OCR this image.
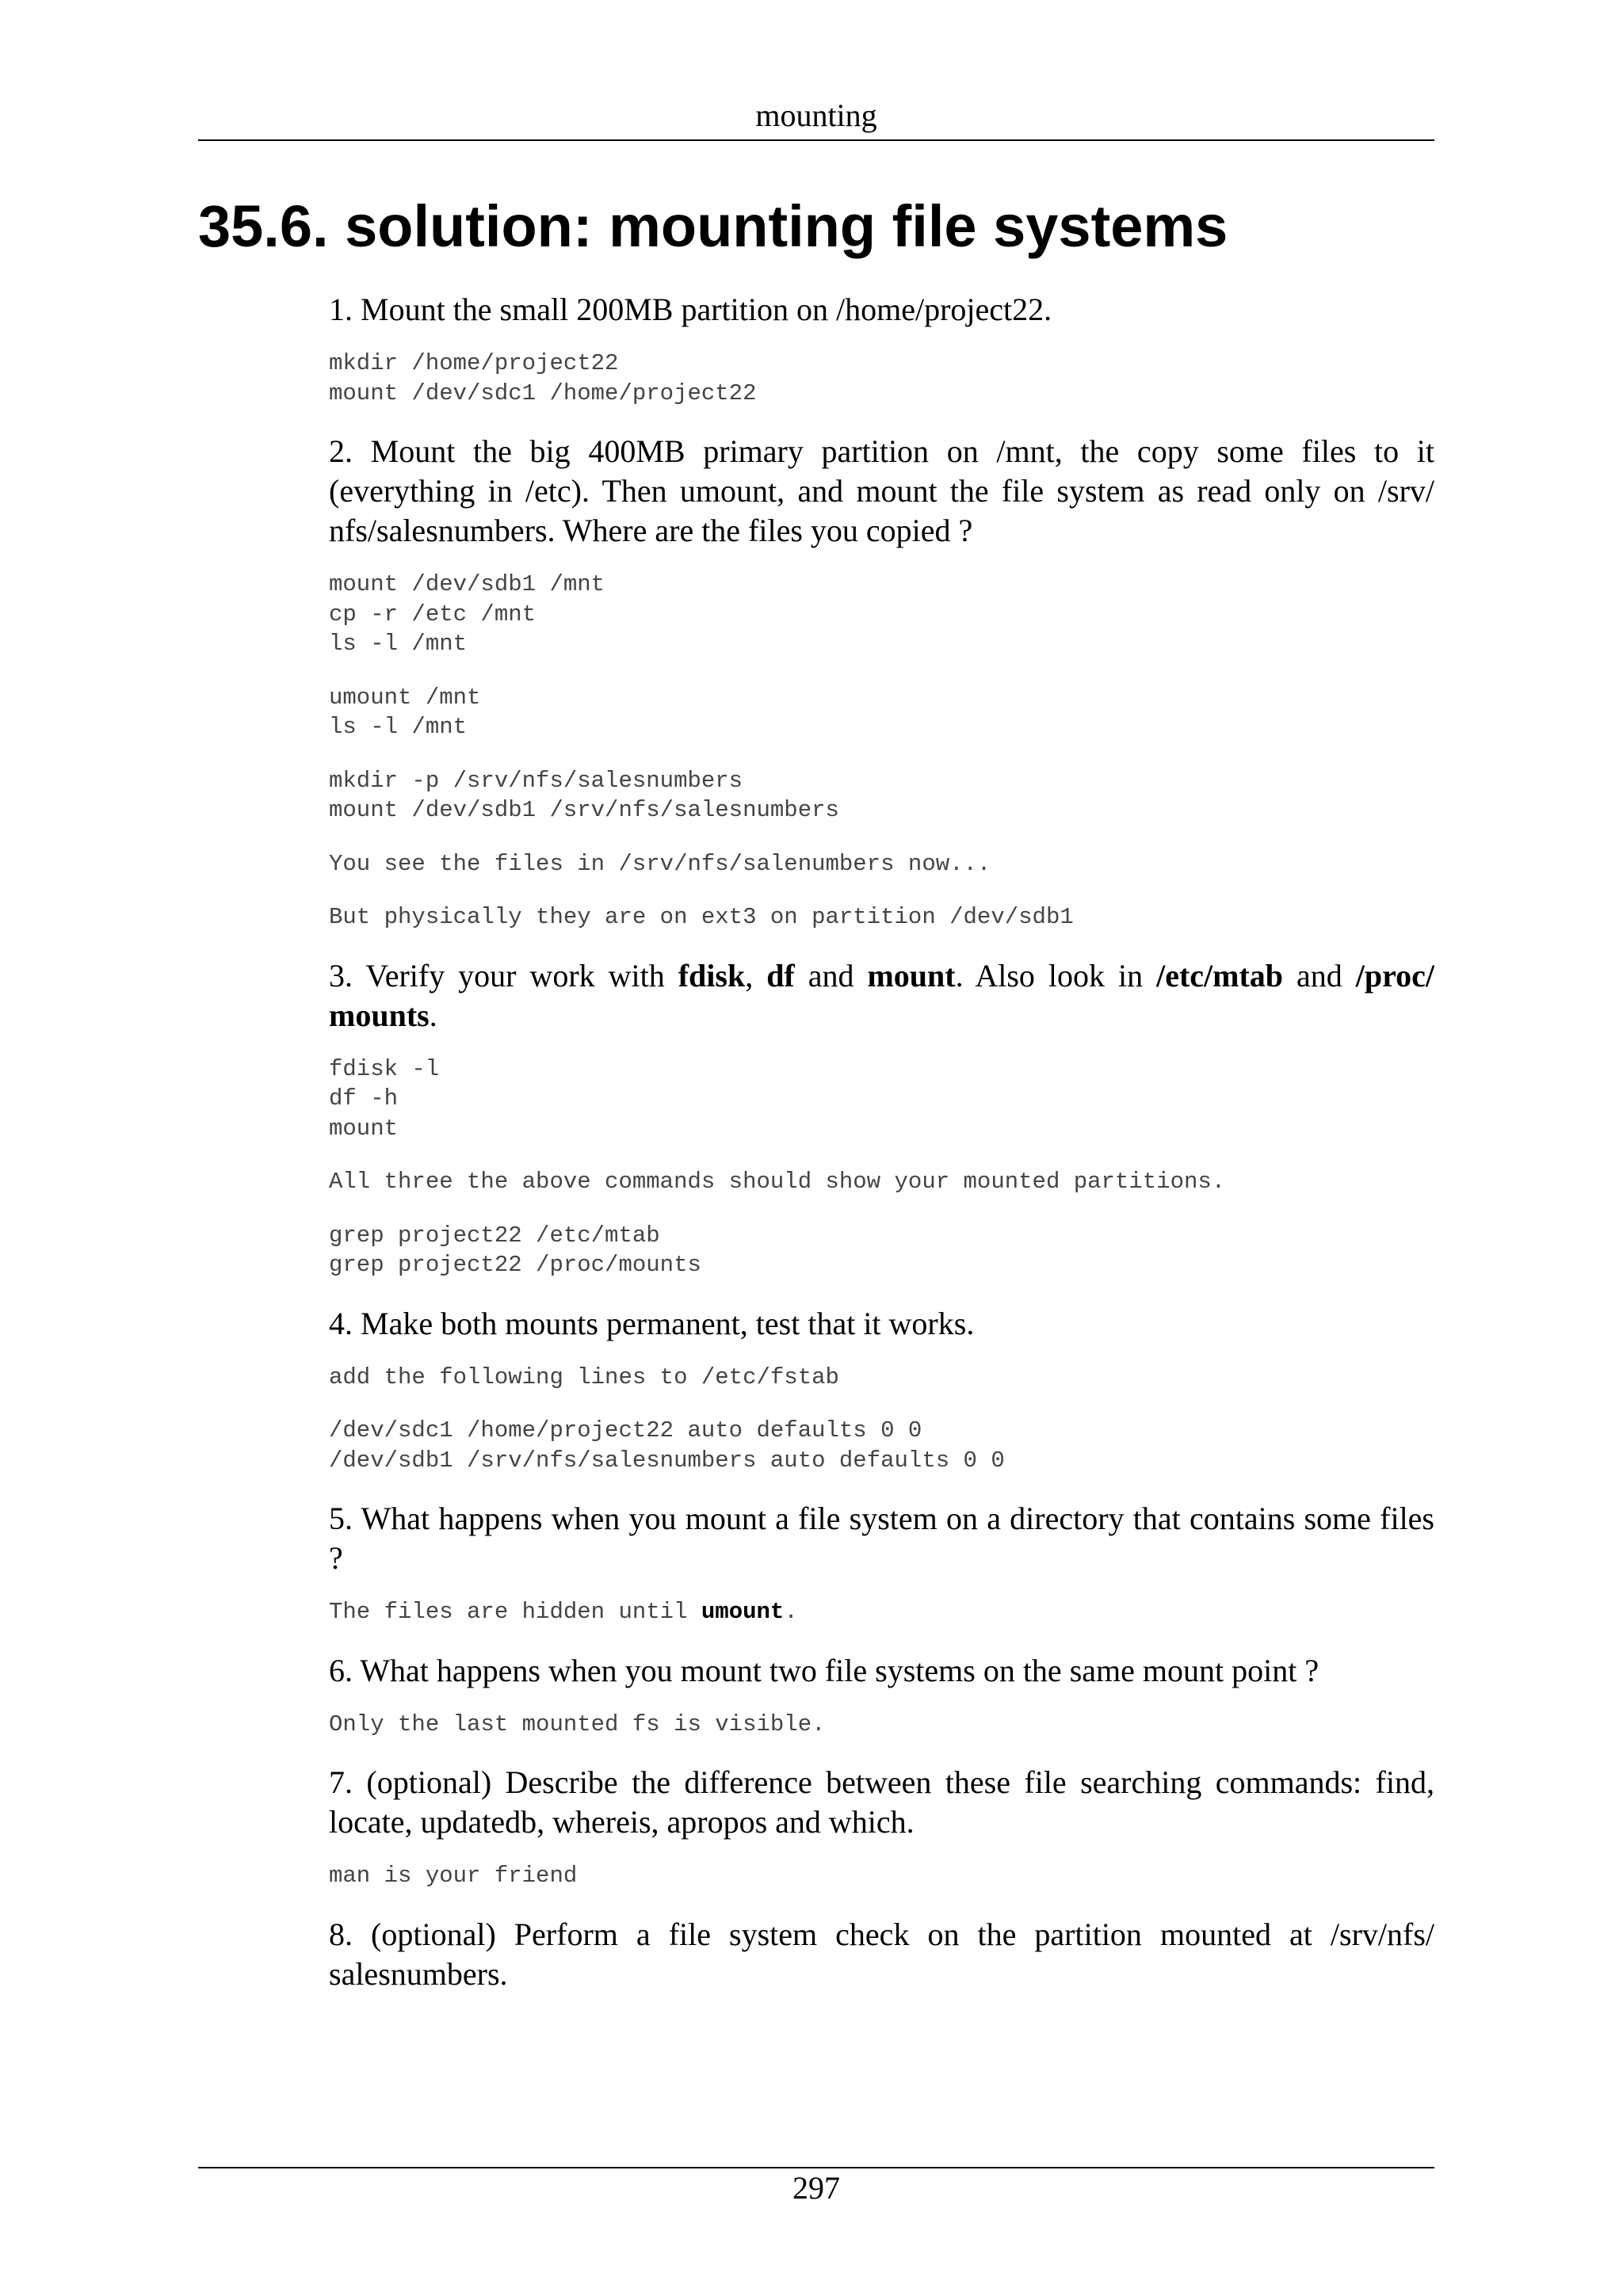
mounting
35.6. solution: mounting file systems

1. Mount the small 200MB partition on /home/project22.

mkdir /home/project22
mount /dev/sdc1 /home/project22

2. Mount the big 400MB primary partition on /mnt, the copy some files to it (everything in /etc). Then umount, and mount the file system as read only on /srv/ nfs/salesnumbers. Where are the files you copied ?

mount /dev/sdb1 /mnt
cp -r /etc /mnt
ls -l /mnt
umount /mnt
ls -l /mnt
mkdir -p /srv/nfs/salesnumbers
mount /dev/sdb1 /srv/nfs/salesnumbers
You see the files in /srv/nfs/salenumbers now...
But physically they are on ext3 on partition /dev/sdb1

3. Verify your work with fdisk, df and mount. Also look in /etc/mtab and /proc/ mounts.

fdisk -l
df -h
mount
All three the above commands should show your mounted partitions.
grep project22 /etc/mtab
grep project22 /proc/mounts

4. Make both mounts permanent, test that it works.

add the following lines to /etc/fstab
/dev/sdc1 /home/project22 auto defaults 0 0
/dev/sdb1 /srv/nfs/salesnumbers auto defaults 0 0

5. What happens when you mount a file system on a directory that contains some files ?

The files are hidden until umount.

6. What happens when you mount two file systems on the same mount point ?

Only the last mounted fs is visible.

7. (optional) Describe the difference between these file searching commands: find, locate, updatedb, whereis, apropos and which.

man is your friend

8. (optional) Perform a file system check on the partition mounted at /srv/nfs/ salesnumbers.

297
